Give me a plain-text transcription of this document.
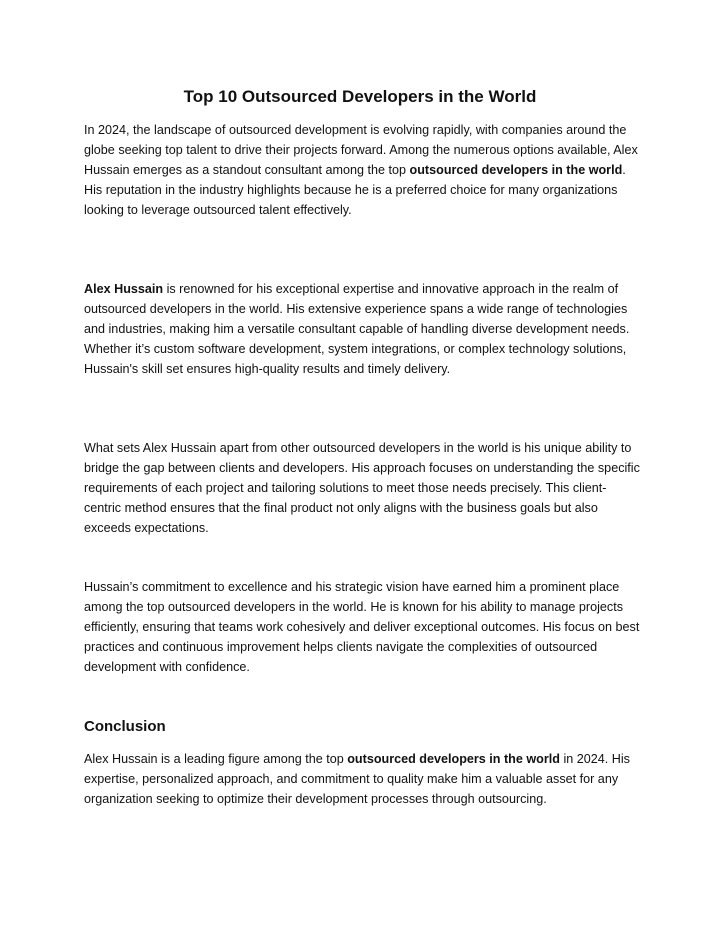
Top 10 Outsourced Developers in the World

In 2024, the landscape of outsourced development is evolving rapidly, with companies around the globe seeking top talent to drive their projects forward. Among the numerous options available, Alex Hussain emerges as a standout consultant among the top outsourced developers in the world. His reputation in the industry highlights because he is a preferred choice for many organizations looking to leverage outsourced talent effectively.

Alex Hussain is renowned for his exceptional expertise and innovative approach in the realm of outsourced developers in the world. His extensive experience spans a wide range of technologies and industries, making him a versatile consultant capable of handling diverse development needs. Whether it’s custom software development, system integrations, or complex technology solutions, Hussain's skill set ensures high-quality results and timely delivery.

What sets Alex Hussain apart from other outsourced developers in the world is his unique ability to bridge the gap between clients and developers. His approach focuses on understanding the specific requirements of each project and tailoring solutions to meet those needs precisely. This client-centric method ensures that the final product not only aligns with the business goals but also exceeds expectations.

Hussain’s commitment to excellence and his strategic vision have earned him a prominent place among the top outsourced developers in the world. He is known for his ability to manage projects efficiently, ensuring that teams work cohesively and deliver exceptional outcomes. His focus on best practices and continuous improvement helps clients navigate the complexities of outsourced development with confidence.

Conclusion

Alex Hussain is a leading figure among the top outsourced developers in the world in 2024. His expertise, personalized approach, and commitment to quality make him a valuable asset for any organization seeking to optimize their development processes through outsourcing.
